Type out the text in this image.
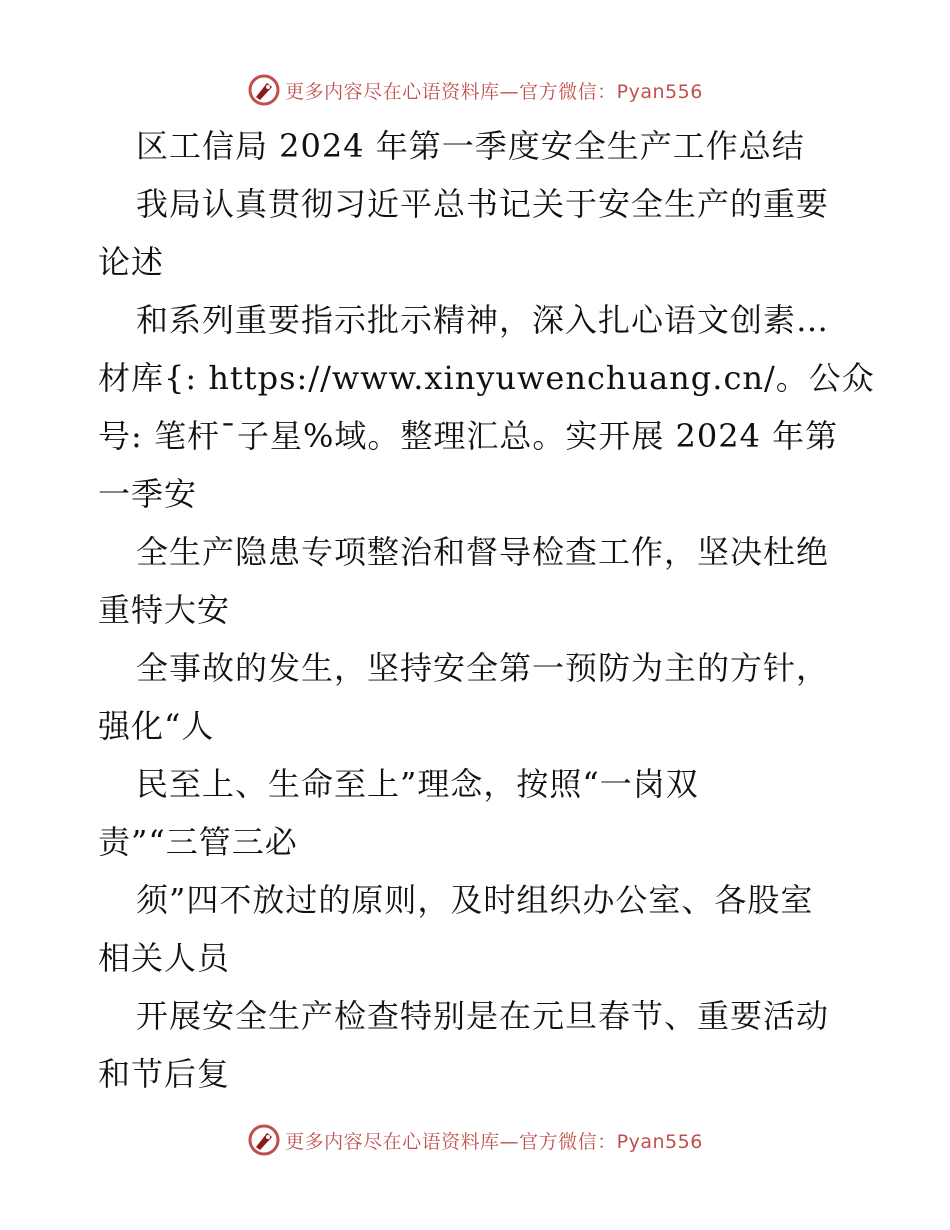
更多内容尽在心语资料库—官方微信：Pyan556
区工信局 2024 年第一季度安全生产工作总结
我局认真贯彻习近平总书记关于安全生产的重要
论述
和系列重要指示批示精神，深入扎心语文创素…
材库{: https://www.xinyuwenchuang.cn/。公众
号: 笔杆¯子星%域。整理汇总。实开展 2024 年第
一季安
全生产隐患专项整治和督导检查工作，坚决杜绝
重特大安
全事故的发生，坚持安全第一预防为主的方针，
强化“人
民至上、生命至上”理念，按照“一岗双
责”“三管三必
须”四不放过的原则，及时组织办公室、各股室
相关人员
开展安全生产检查特别是在元旦春节、重要活动
和节后复
更多内容尽在心语资料库—官方微信：Pyan556
